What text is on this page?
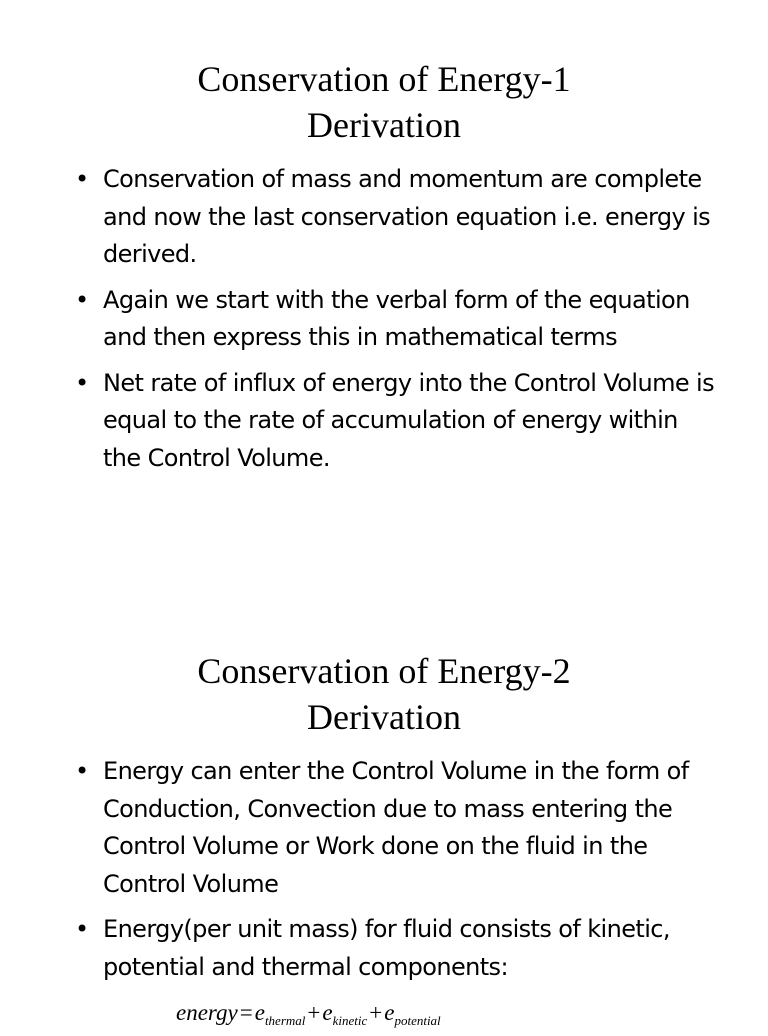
Conservation of Energy-1
Derivation
• Conservation of mass and momentum are complete and now the last conservation equation i.e. energy is derived.
• Again we start with the verbal form of the equation and then express this in mathematical terms
• Net rate of influx of energy into the Control Volume is equal to the rate of accumulation of energy within the Control Volume.
Conservation of Energy-2
Derivation
• Energy can enter the Control Volume in the form of Conduction, Convection due to mass entering the Control Volume or Work done on the fluid in the Control Volume
• Energy(per unit mass) for fluid consists of kinetic, potential and thermal components:
$energy=e_{thermal}+e_{kinetic}+e_{potential}$
